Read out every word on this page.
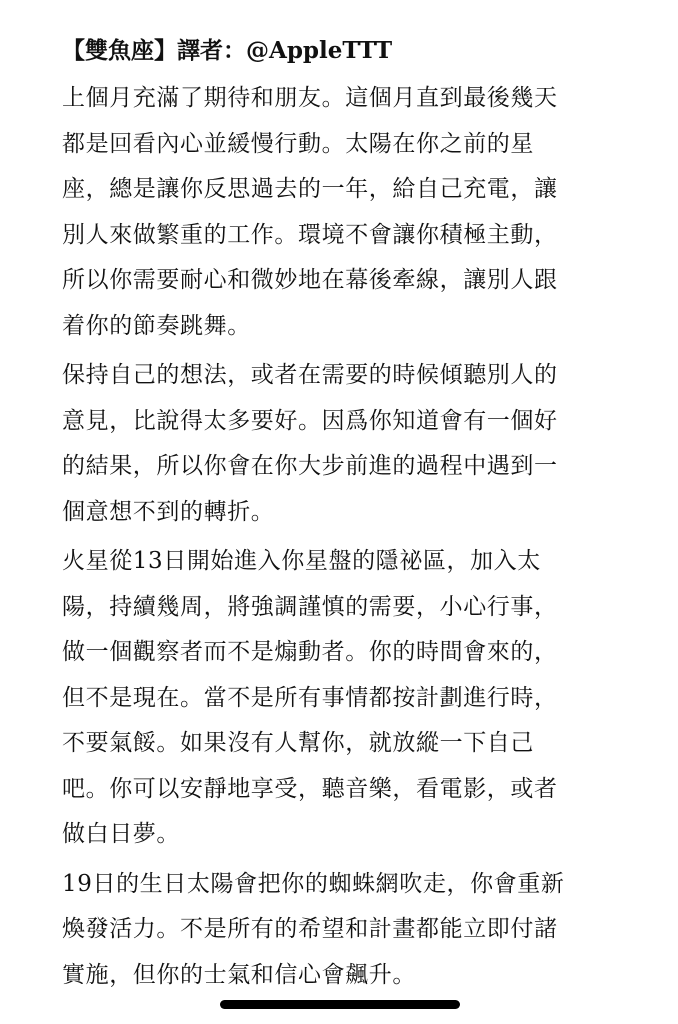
【雙魚座】譯者：@AppleTTT
上個月充滿了期待和朋友。這個月直到最後幾天
都是回看內心並緩慢行動。太陽在你之前的星
座，總是讓你反思過去的一年，給自己充電，讓
別人來做繁重的工作。環境不會讓你積極主動，
所以你需要耐心和微妙地在幕後牽線，讓別人跟
着你的節奏跳舞。
保持自己的想法，或者在需要的時候傾聽別人的
意見，比說得太多要好。因爲你知道會有一個好
的結果，所以你會在你大步前進的過程中遇到一
個意想不到的轉折。
火星從13日開始進入你星盤的隱祕區，加入太
陽，持續幾周，將強調謹慎的需要，小心行事，
做一個觀察者而不是煽動者。你的時間會來的，
但不是現在。當不是所有事情都按計劃進行時，
不要氣餒。如果沒有人幫你，就放縱一下自己
吧。你可以安靜地享受，聽音樂，看電影，或者
做白日夢。
19日的生日太陽會把你的蜘蛛網吹走，你會重新
煥發活力。不是所有的希望和計畫都能立即付諸
實施，但你的士氣和信心會飆升。
